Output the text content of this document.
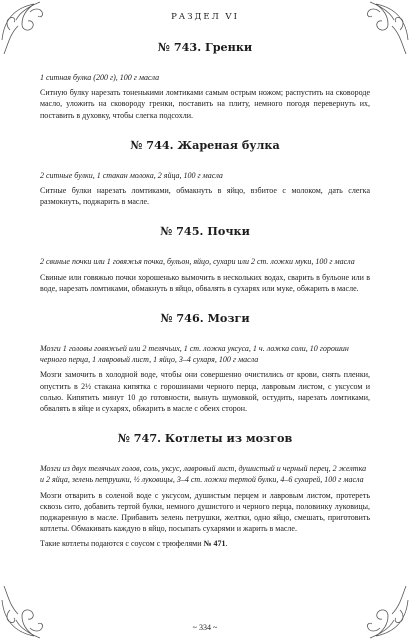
РАЗДЕЛ VI
№ 743. Гренки

1 ситная булка (200 г), 100 г масла

Ситную булку нарезать тоненькими ломтиками самым острым ножом; распустить на сковороде масло, уложить на сковороду гренки, поставить на плиту, немного погодя перевернуть их, поставить в духовку, чтобы слегка подсохли.

№ 744. Жареная булка

2 ситные булки, 1 стакан молока, 2 яйца, 100 г масла

Ситные булки нарезать ломтиками, обмакнуть в яйцо, взбитое с молоком, дать слегка размокнуть, поджарить в масле.

№ 745. Почки

2 свиные почки или 1 говяжья почка, бульон, яйцо, сухари или 2 ст. ложки муки, 100 г масла

Свиные или говяжью почки хорошенько вымочить в нескольких водах, сварить в бульоне или в воде, нарезать ломтиками, обмакнуть в яйцо, обвалять в сухарях или муке, обжарить в масле.

№ 746. Мозги

Мозги 1 головы говяжьей или 2 телячьих, 1 ст. ложка уксуса, 1 ч. ложка соли, 10 горошин черного перца, 1 лавровый лист, 1 яйцо, 3–4 сухаря, 100 г масла

Мозги замочить в холодной воде, чтобы они совершенно очистились от крови, снять пленки, опустить в 2½ стакана кипятка с горошинами черного перца, лавровым листом, с уксусом и солью. Кипятить минут 10 до готовности, вынуть шумовкой, остудить, нарезать ломтиками, обвалять в яйце и сухарях, обжарить в масле с обеих сторон.

№ 747. Котлеты из мозгов

Мозги из двух телячьих голов, соль, уксус, лавровый лист, душистый и черный перец, 2 желтка и 2 яйца, зелень петрушки, ½ луковицы, 3–4 ст. ложки тертой булки, 4–6 сухарей, 100 г масла

Мозги отварить в соленой воде с уксусом, душистым перцем и лавровым листом, протереть сквозь сито, добавить тертой булки, немного душистого и черного перца, половинку луковицы, поджаренную в масле. Прибавить зелень петрушки, желтки, одно яйцо, смешать, приготовить котлеты. Обмакивать каждую в яйцо, посыпать сухарями и жарить в масле.

Такие котлеты подаются с соусом с трюфелями № 471.

~ 334 ~
